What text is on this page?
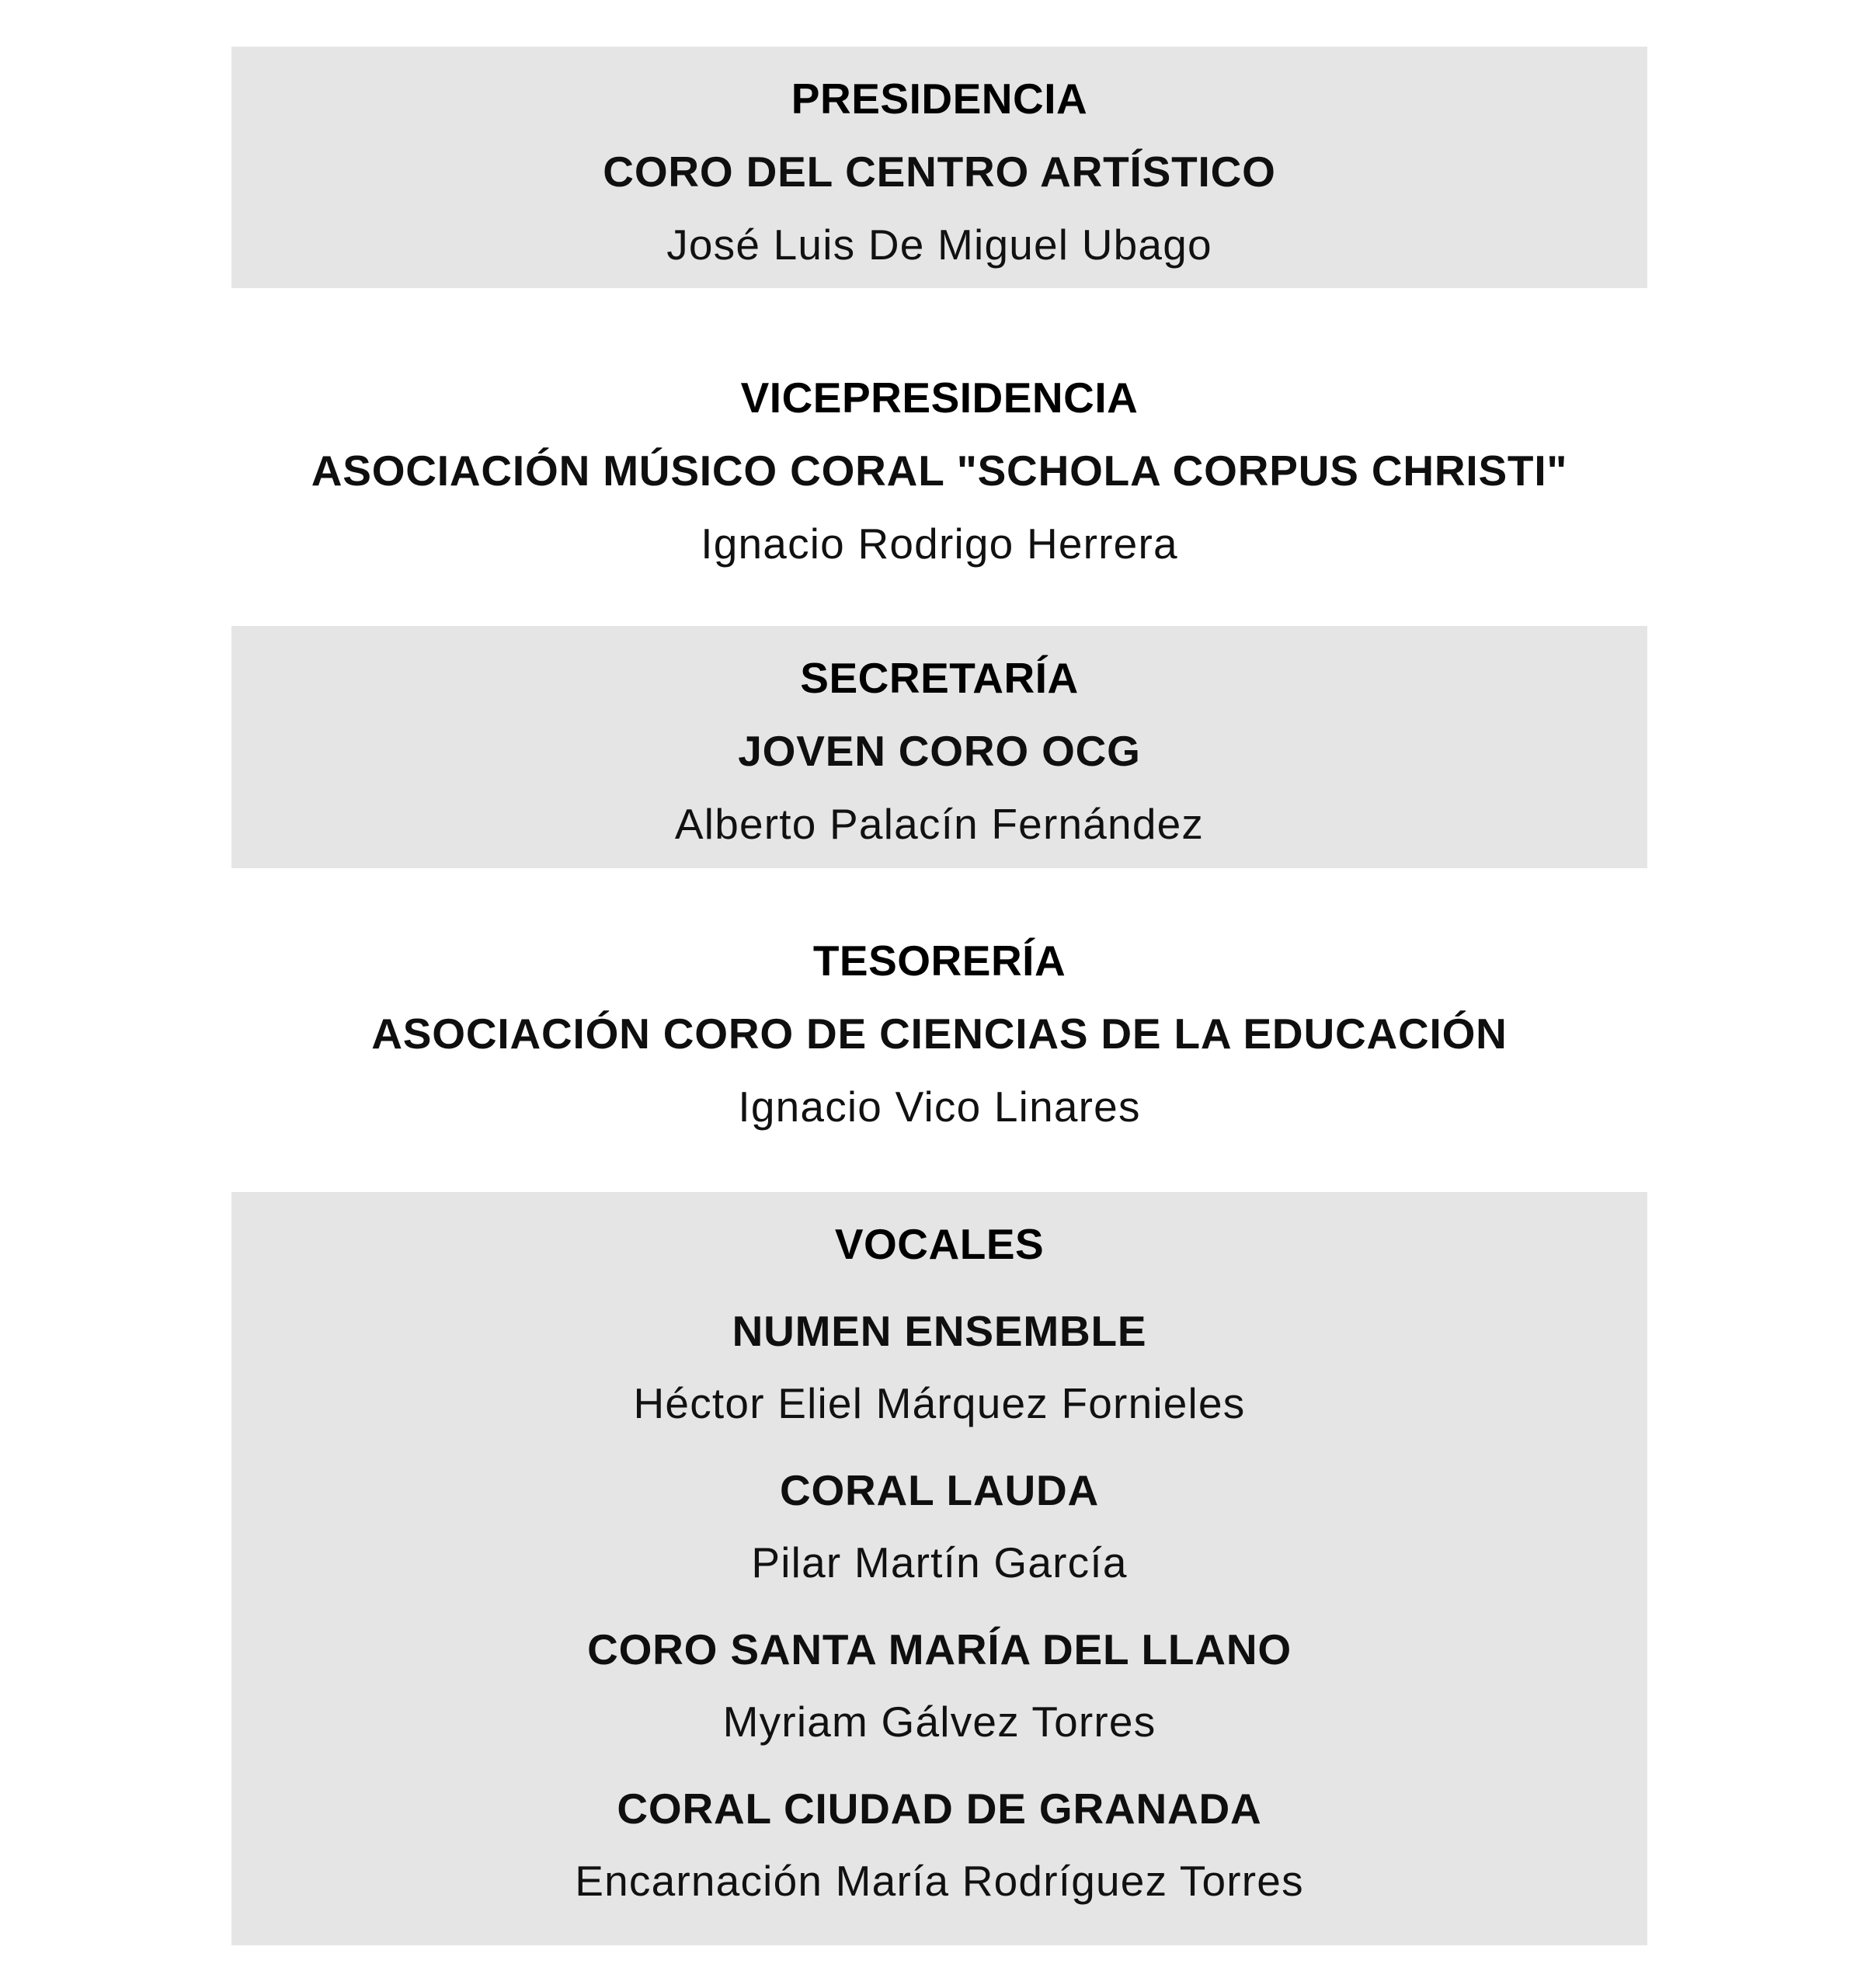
PRESIDENCIA
CORO DEL CENTRO ARTÍSTICO
José Luis De Miguel Ubago
VICEPRESIDENCIA
ASOCIACIÓN MÚSICO CORAL "SCHOLA CORPUS CHRISTI"
Ignacio Rodrigo Herrera
SECRETARÍA
JOVEN CORO OCG
Alberto Palacín Fernández
TESORERÍA
ASOCIACIÓN CORO DE CIENCIAS DE LA EDUCACIÓN
Ignacio Vico Linares
VOCALES
NUMEN ENSEMBLE
Héctor Eliel Márquez Fornieles
CORAL LAUDA
Pilar Martín García
CORO SANTA MARÍA DEL LLANO
Myriam Gálvez Torres
CORAL CIUDAD DE GRANADA
Encarnación María Rodríguez Torres
